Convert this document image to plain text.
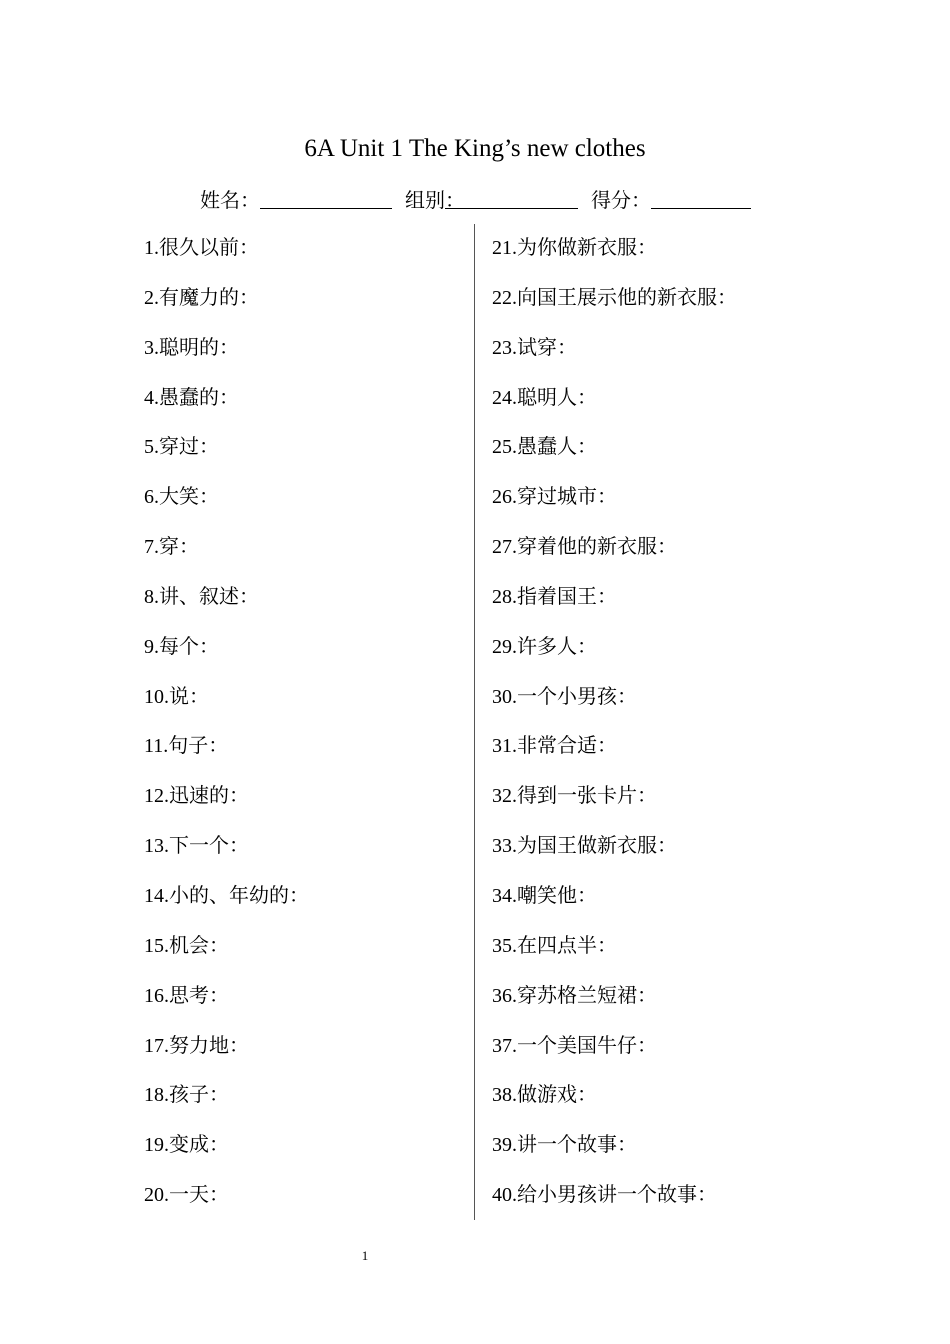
6A Unit 1 The King’s new clothes
姓名：	组别：	得分：
1.很久以前：
2.有魔力的：
3.聪明的：
4.愚蠢的：
5.穿过：
6.大笑：
7.穿：
8.讲、叙述：
9.每个：
10.说：
11.句子：
12.迅速的：
13.下一个：
14.小的、年幼的：
15.机会：
16.思考：
17.努力地：
18.孩子：
19.变成：
20.一天：
21.为你做新衣服：
22.向国王展示他的新衣服：
23.试穿：
24.聪明人：
25.愚蠢人：
26.穿过城市：
27.穿着他的新衣服：
28.指着国王：
29.许多人：
30.一个小男孩：
31.非常合适：
32.得到一张卡片：
33.为国王做新衣服：
34.嘲笑他：
35.在四点半：
36.穿苏格兰短裙：
37.一个美国牛仔：
38.做游戏：
39.讲一个故事：
40.给小男孩讲一个故事：
1
